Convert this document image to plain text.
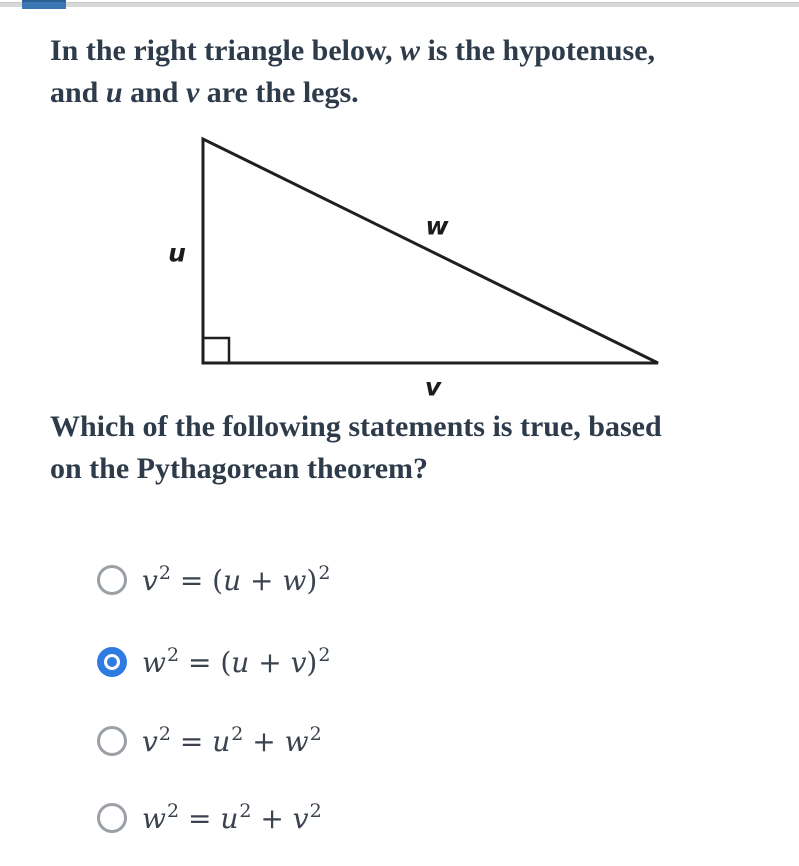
In the right triangle below, w is the hypotenuse,
and u and v are the legs.
u
w
v
Which of the following statements is true, based
on the Pythagorean theorem?
$v^2 = (u + w)^2$
$w^2 = (u + v)^2$
$v^2 = u^2 + w^2$
$w^2 = u^2 + v^2$
